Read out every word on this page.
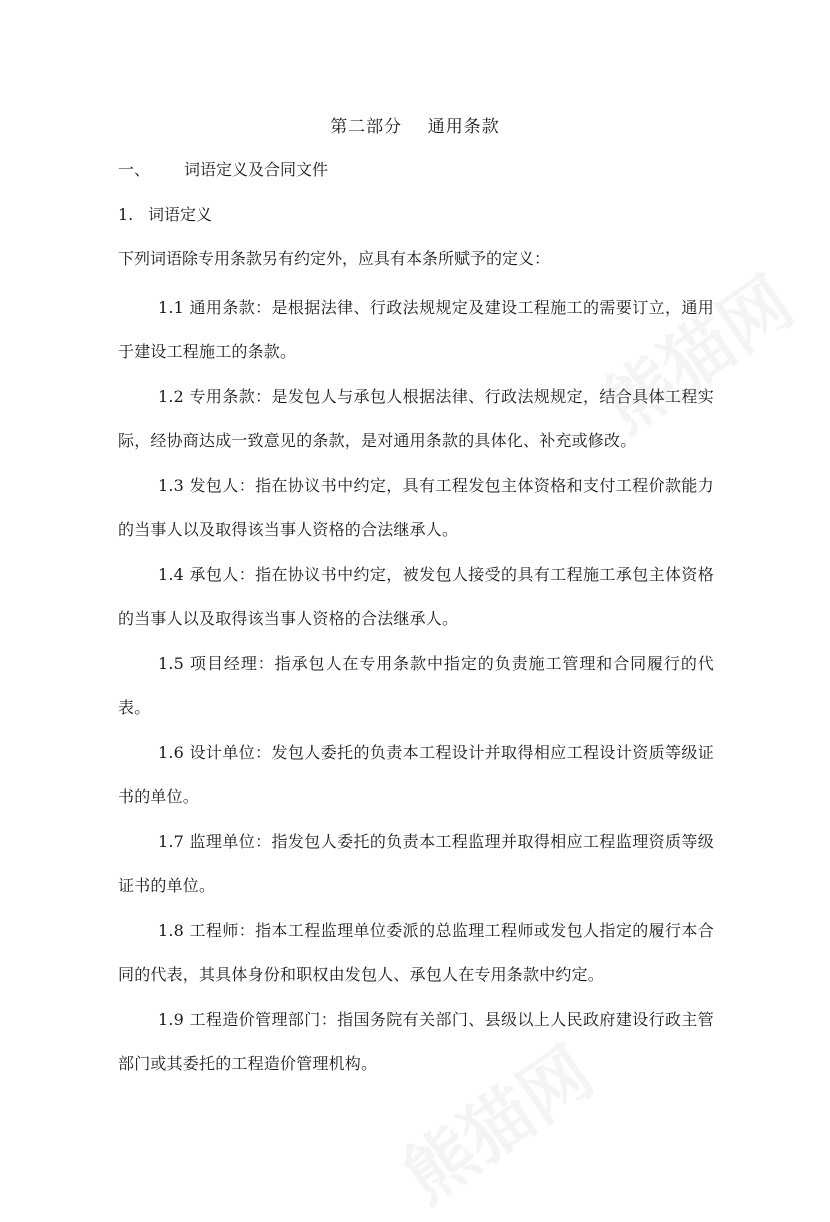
第二部分    通用条款
一、 词语定义及合同文件
1. 词语定义
下列词语除专用条款另有约定外，应具有本条所赋予的定义：

1.1 通用条款：是根据法律、行政法规规定及建设工程施工的需要订立，通用于建设工程施工的条款。

1.2 专用条款：是发包人与承包人根据法律、行政法规规定，结合具体工程实际，经协商达成一致意见的条款，是对通用条款的具体化、补充或修改。

1.3 发包人：指在协议书中约定，具有工程发包主体资格和支付工程价款能力的当事人以及取得该当事人资格的合法继承人。

1.4 承包人：指在协议书中约定，被发包人接受的具有工程施工承包主体资格的当事人以及取得该当事人资格的合法继承人。

1.5 项目经理：指承包人在专用条款中指定的负责施工管理和合同履行的代表。

1.6 设计单位：发包人委托的负责本工程设计并取得相应工程设计资质等级证书的单位。

1.7 监理单位：指发包人委托的负责本工程监理并取得相应工程监理资质等级证书的单位。

1.8 工程师：指本工程监理单位委派的总监理工程师或发包人指定的履行本合同的代表，其具体身份和职权由发包人、承包人在专用条款中约定。

1.9 工程造价管理部门：指国务院有关部门、县级以上人民政府建设行政主管部门或其委托的工程造价管理机构。
